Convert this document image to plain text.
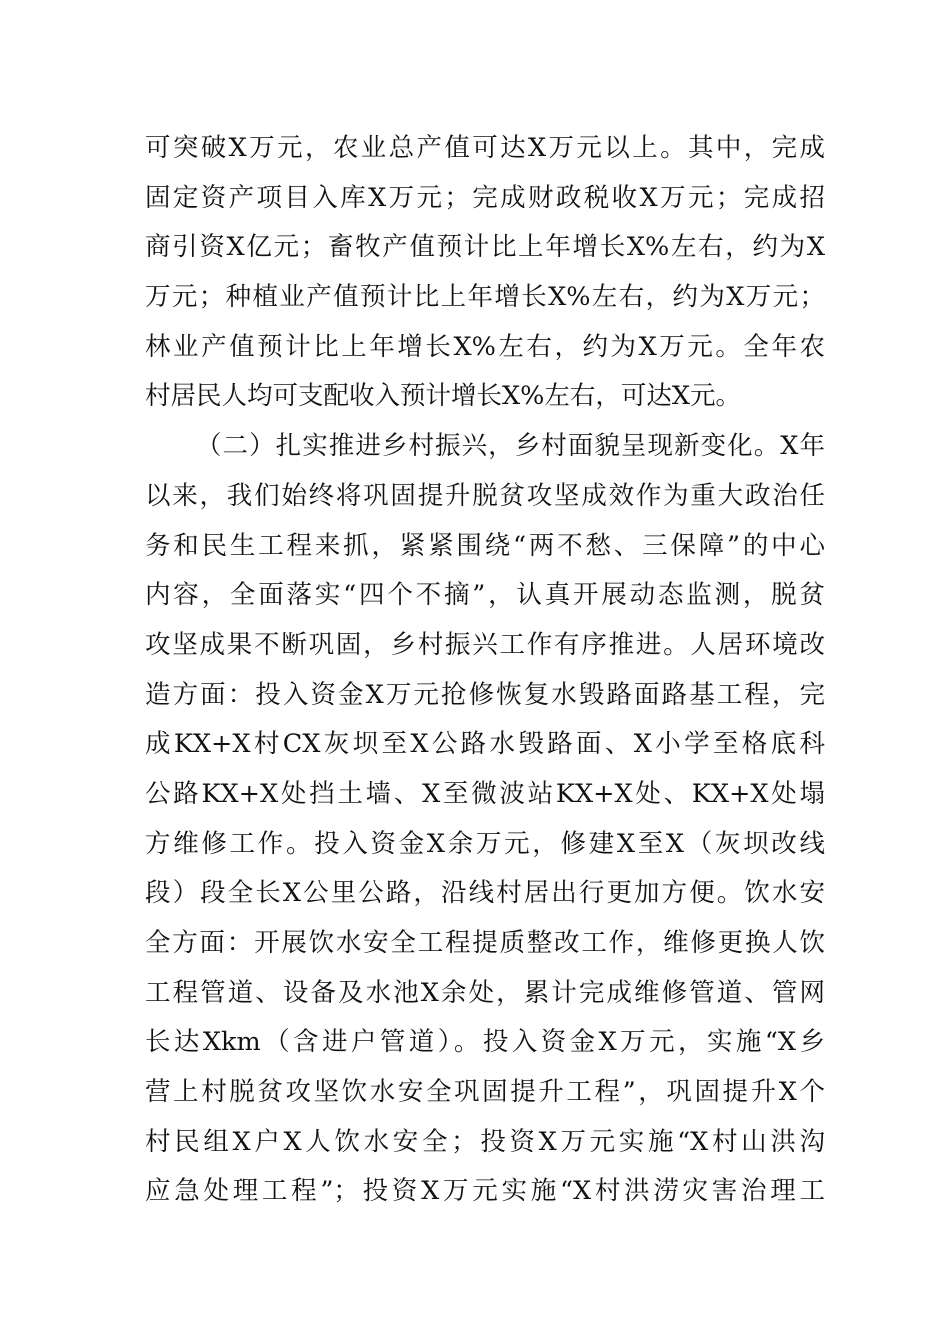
可突破X万元，农业总产值可达X万元以上。其中，完成
固定资产项目入库X万元；完成财政税收X万元；完成招
商引资X亿元；畜牧产值预计比上年增长X%左右，约为X
万元；种植业产值预计比上年增长X%左右，约为X万元；
林业产值预计比上年增长X%左右，约为X万元。全年农
村居民人均可支配收入预计增长X%左右，可达X元。
（二）扎实推进乡村振兴，乡村面貌呈现新变化。X年
以来，我们始终将巩固提升脱贫攻坚成效作为重大政治任
务和民生工程来抓，紧紧围绕“两不愁、三保障”的中心
内容，全面落实“四个不摘”，认真开展动态监测，脱贫
攻坚成果不断巩固，乡村振兴工作有序推进。人居环境改
造方面：投入资金X万元抢修恢复水毁路面路基工程，完
成KX+X村CX灰坝至X公路水毁路面、X小学至格底科
公路KX+X处挡土墙、X至微波站KX+X处、KX+X处塌
方维修工作。投入资金X余万元，修建X至X（灰坝改线
段）段全长X公里公路，沿线村居出行更加方便。饮水安
全方面：开展饮水安全工程提质整改工作，维修更换人饮
工程管道、设备及水池X余处，累计完成维修管道、管网
长达Xkm（含进户管道）。投入资金X万元，实施“X乡
营上村脱贫攻坚饮水安全巩固提升工程”，巩固提升X个
村民组X户X人饮水安全；投资X万元实施“X村山洪沟
应急处理工程”；投资X万元实施“X村洪涝灾害治理工
